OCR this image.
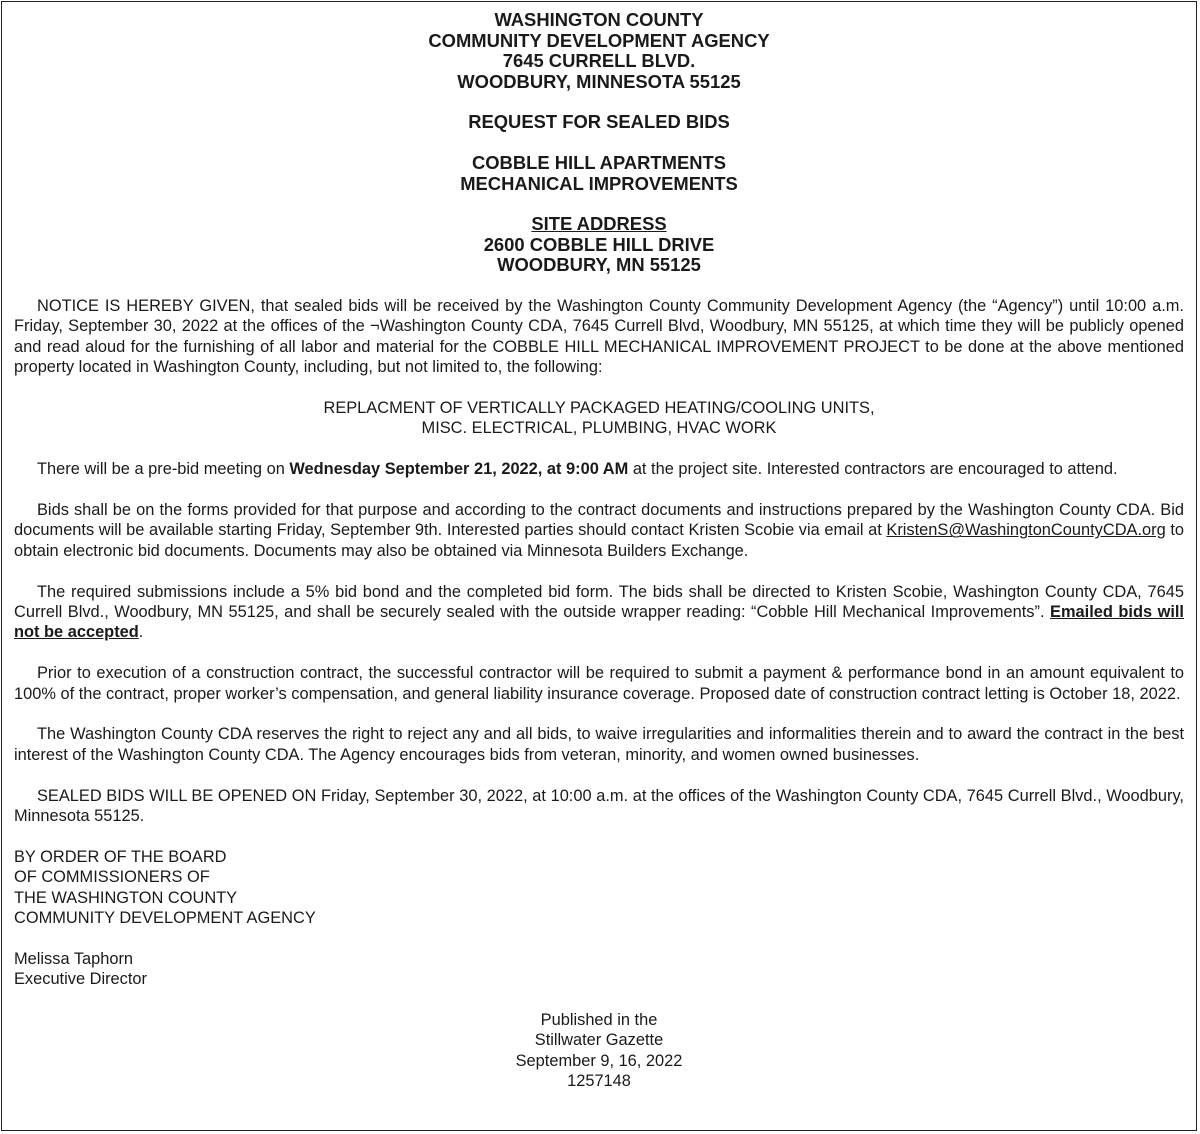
WASHINGTON COUNTY
COMMUNITY DEVELOPMENT AGENCY
7645 CURRELL BLVD.
WOODBURY, MINNESOTA 55125
REQUEST FOR SEALED BIDS
COBBLE HILL APARTMENTS
MECHANICAL IMPROVEMENTS
SITE ADDRESS
2600 COBBLE HILL DRIVE
WOODBURY, MN 55125

NOTICE IS HEREBY GIVEN, that sealed bids will be received by the Washington County Community Development Agency (the “Agency”) until 10:00 a.m. Friday, September 30, 2022 at the offices of the ¬Washington County CDA, 7645 Currell Blvd, Woodbury, MN 55125, at which time they will be publicly opened and read aloud for the furnishing of all labor and material for the COBBLE HILL MECHANICAL IMPROVEMENT PROJECT to be done at the above mentioned property located in Washington County, including, but not limited to, the following:

REPLACMENT OF VERTICALLY PACKAGED HEATING/COOLING UNITS,
MISC. ELECTRICAL, PLUMBING, HVAC WORK

There will be a pre-bid meeting on Wednesday September 21, 2022, at 9:00 AM at the project site. Interested contractors are encouraged to attend.

Bids shall be on the forms provided for that purpose and according to the contract documents and instructions prepared by the Washington County CDA. Bid documents will be available starting Friday, September 9th. Interested parties should contact Kristen Scobie via email at KristenS@WashingtonCountyCDA.org to obtain electronic bid documents. Documents may also be obtained via Minnesota Builders Exchange.

The required submissions include a 5% bid bond and the completed bid form. The bids shall be directed to Kristen Scobie, Washington County CDA, 7645 Currell Blvd., Woodbury, MN 55125, and shall be securely sealed with the outside wrapper reading: “Cobble Hill Mechanical Improvements”. Emailed bids will not be accepted.

Prior to execution of a construction contract, the successful contractor will be required to submit a payment & performance bond in an amount equivalent to 100% of the contract, proper worker’s compensation, and general liability insurance coverage. Proposed date of construction contract letting is October 18, 2022.

The Washington County CDA reserves the right to reject any and all bids, to waive irregularities and informalities therein and to award the contract in the best interest of the Washington County CDA. The Agency encourages bids from veteran, minority, and women owned businesses.

SEALED BIDS WILL BE OPENED ON Friday, September 30, 2022, at 10:00 a.m. at the offices of the Washington County CDA, 7645 Currell Blvd., Woodbury, Minnesota 55125.

BY ORDER OF THE BOARD
OF COMMISSIONERS OF
THE WASHINGTON COUNTY
COMMUNITY DEVELOPMENT AGENCY
Melissa Taphorn
Executive Director
Published in the
Stillwater Gazette
September 9, 16, 2022
1257148
